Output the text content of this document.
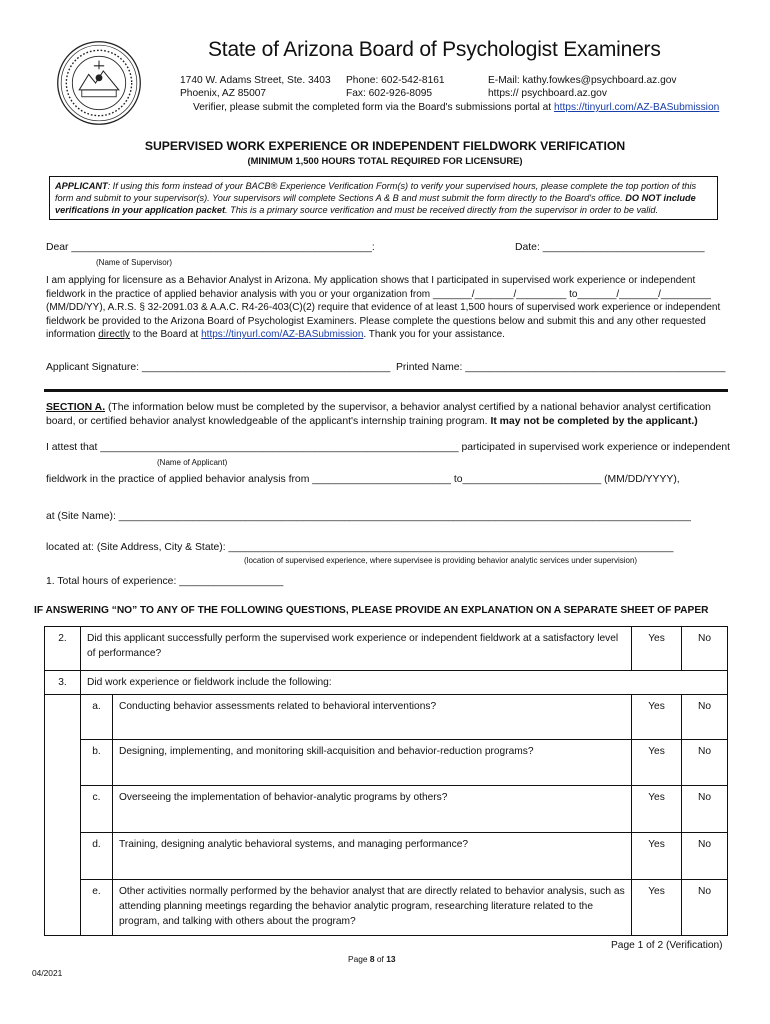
State of Arizona Board of Psychologist Examiners
1740 W. Adams Street, Ste. 3403
Phoenix, AZ 85007
Phone: 602-542-8161
Fax: 602-926-8095
E-Mail: kathy.fowkes@psychboard.az.gov
https:// psychboard.az.gov
Verifier, please submit the completed form via the Board's submissions portal at https://tinyurl.com/AZ-BASubmission
SUPERVISED WORK EXPERIENCE OR INDEPENDENT FIELDWORK VERIFICATION
(MINIMUM 1,500 HOURS TOTAL REQUIRED FOR LICENSURE)
APPLICANT: If using this form instead of your BACB® Experience Verification Form(s) to verify your supervised hours, please complete the top portion of this form and submit to your supervisor(s). Your supervisors will complete Sections A & B and must submit the form directly to the Board's office. DO NOT include verifications in your application packet. This is a primary source verification and must be received directly from the supervisor in order to be valid.
Dear ____________________________________________________:	Date: ____________________________
(Name of Supervisor)
I am applying for licensure as a Behavior Analyst in Arizona. My application shows that I participated in supervised work experience or independent fieldwork in the practice of applied behavior analysis with you or your organization from _______/_______/_________ to_______/_______/_________ (MM/DD/YY), A.R.S. § 32-2091.03 & A.A.C. R4-26-403(C)(2) require that evidence of at least 1,500 hours of supervised work experience or independent fieldwork be provided to the Arizona Board of Psychologist Examiners. Please complete the questions below and submit this and any other requested information directly to the Board at https://tinyurl.com/AZ-BASubmission. Thank you for your assistance.
Applicant Signature: ___________________________________________ Printed Name: _____________________________________________
SECTION A. (The information below must be completed by the supervisor, a behavior analyst certified by a national behavior analyst certification board, or certified behavior analyst knowledgeable of the applicant's internship training program. It may not be completed by the applicant.)
I attest that ______________________________________________________________ participated in supervised work experience or independent
(Name of Applicant)
fieldwork in the practice of applied behavior analysis from ________________________ to________________________ (MM/DD/YYYY),
at (Site Name): ___________________________________________________________________________________________________
located at: (Site Address, City & State): _____________________________________________________________________________
(location of supervised experience, where supervisee is providing behavior analytic services under supervision)
1. Total hours of experience: __________________
IF ANSWERING “NO” TO ANY OF THE FOLLOWING QUESTIONS, PLEASE PROVIDE AN EXPLANATION ON A SEPARATE SHEET OF PAPER
2.	Did this applicant successfully perform the supervised work experience or independent fieldwork at a satisfactory level of performance?		Yes	No
3.	Did work experience or fieldwork include the following:			
	a.	Conducting behavior assessments related to behavioral interventions?	Yes	No
	b.	Designing, implementing, and monitoring skill-acquisition and behavior-reduction programs?	Yes	No
	c.	Overseeing the implementation of behavior-analytic programs by others?	Yes	No
	d.	Training, designing analytic behavioral systems, and managing performance?	Yes	No
	e.	Other activities normally performed by the behavior analyst that are directly related to behavior analysis, such as attending planning meetings regarding the behavior analytic program, researching literature related to the program, and talking with others about the program?	Yes	No
Page 1 of 2 (Verification)
Page 8 of 13
04/2021
